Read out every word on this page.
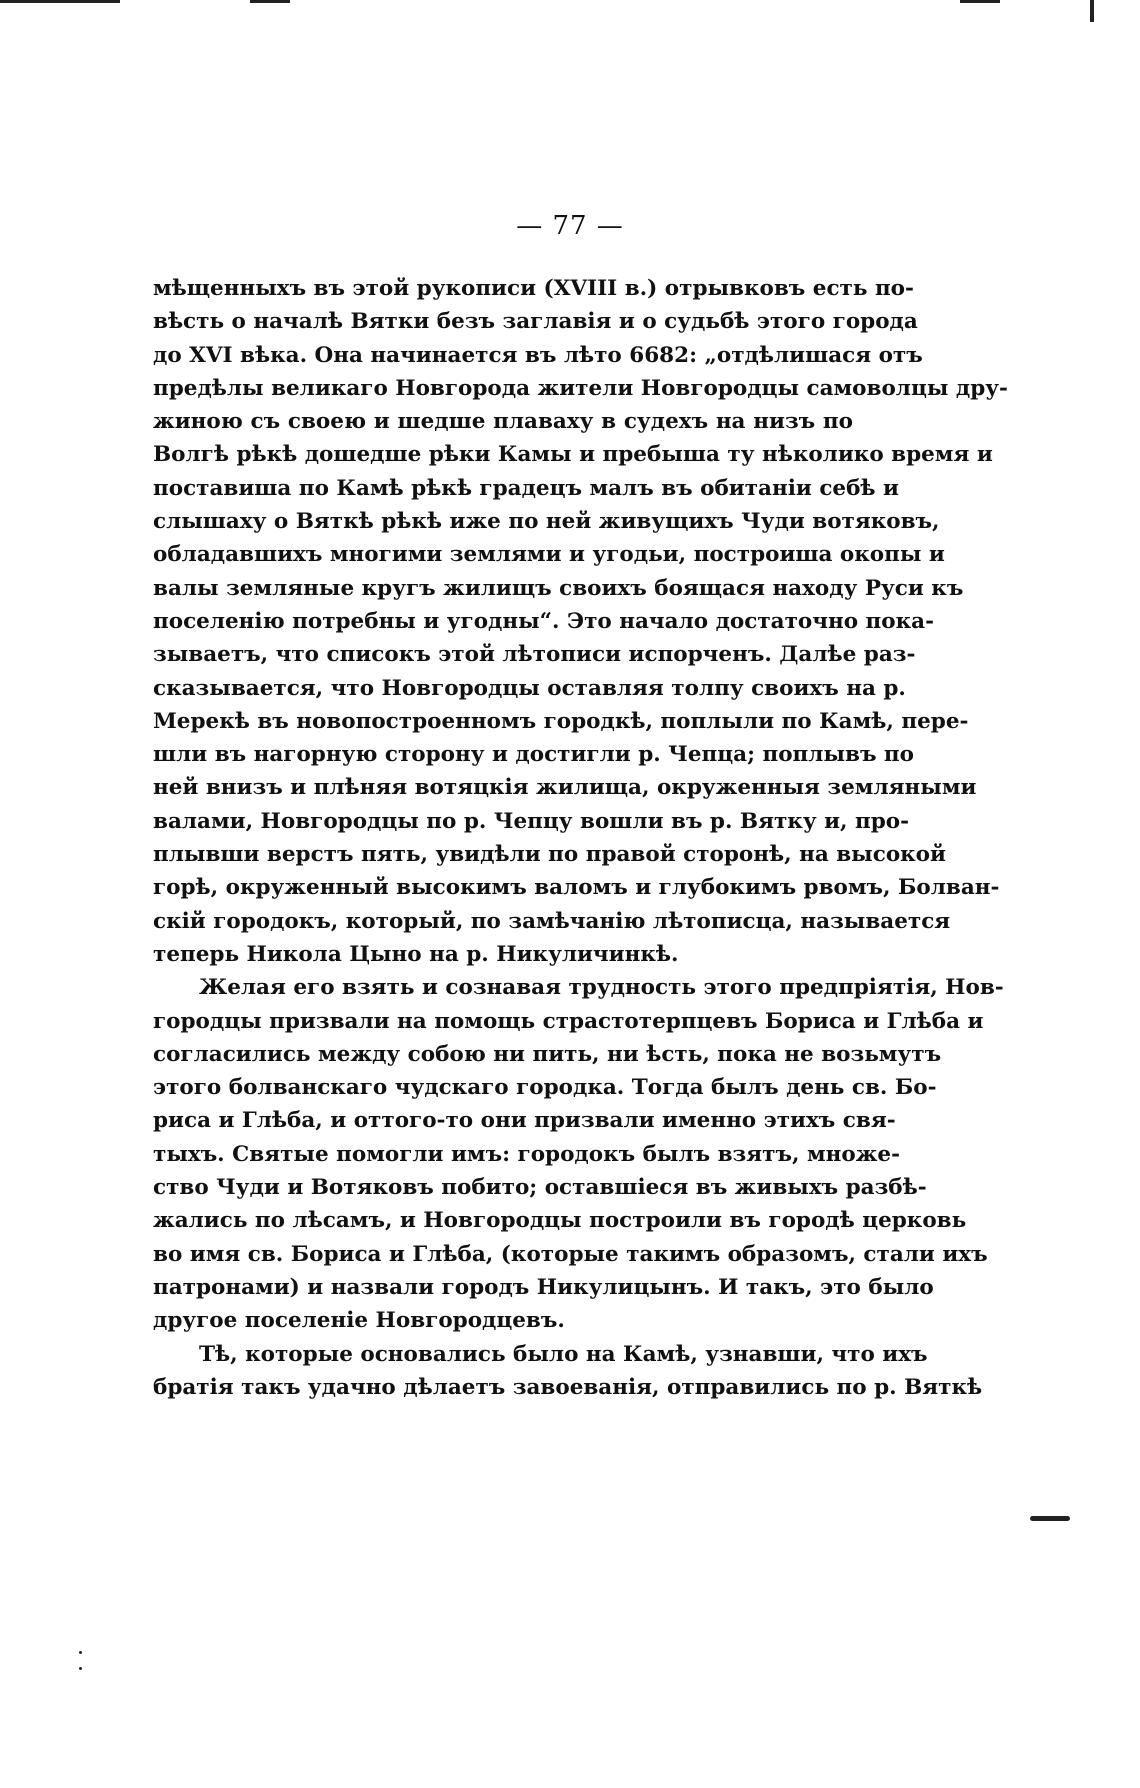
— 77 —
мѣщенныхъ въ этой рукописи (XVIII в.) отрывковъ есть по-
вѣсть о началѣ Вятки безъ заглавія и о судьбѣ этого города
до XVI вѣка. Она начинается въ лѣто 6682: „отдѣлишася отъ
предѣлы великаго Новгорода жители Новгородцы самоволцы дру-
жиною съ своею и шедше плаваху в судехъ на низъ по
Волгѣ рѣкѣ дошедше рѣки Камы и пребыша ту нѣколико время и
поставиша по Камѣ рѣкѣ градецъ малъ въ обитаніи себѣ и
слышаху о Вяткѣ рѣкѣ иже по ней живущихъ Чуди вотяковъ,
обладавшихъ многими землями и угодьи, построиша окопы и
валы земляные кругъ жилищъ своихъ боящася находу Руси къ
поселенію потребны и угодны“. Это начало достаточно пока-
зываетъ, что списокъ этой лѣтописи испорченъ. Далѣе раз-
сказывается, что Новгородцы оставляя толпу своихъ на р.
Мерекѣ въ новопостроенномъ городкѣ, поплыли по Камѣ, пере-
шли въ нагорную сторону и достигли р. Чепца; поплывъ по
ней внизъ и плѣняя вотяцкія жилища, окруженныя земляными
валами, Новгородцы по р. Чепцу вошли въ р. Вятку и, про-
плывши верстъ пять, увидѣли по правой сторонѣ, на высокой
горѣ, окруженный высокимъ валомъ и глубокимъ рвомъ, Болван-
скій городокъ, который, по замѣчанію лѣтописца, называется
теперь Никола Цыно на р. Никуличинкѣ.
Желая его взять и сознавая трудность этого предпріятія, Нов-
городцы призвали на помощь страстотерпцевъ Бориса и Глѣба и
согласились между собою ни пить, ни ѣсть, пока не возьмутъ
этого болванскаго чудскаго городка. Тогда былъ день св. Бо-
риса и Глѣба, и оттого-то они призвали именно этихъ свя-
тыхъ. Святые помогли имъ: городокъ былъ взятъ, множе-
ство Чуди и Вотяковъ побито; оставшіеся въ живыхъ разбѣ-
жались по лѣсамъ, и Новгородцы построили въ городѣ церковь
во имя св. Бориса и Глѣба, (которые такимъ образомъ, стали ихъ
патронами) и назвали городъ Никулицынъ. И такъ, это было
другое поселеніе Новгородцевъ.
Тѣ, которые основались было на Камѣ, узнавши, что ихъ
братія такъ удачно дѣлаетъ завоеванія, отправились по р. Вяткѣ
